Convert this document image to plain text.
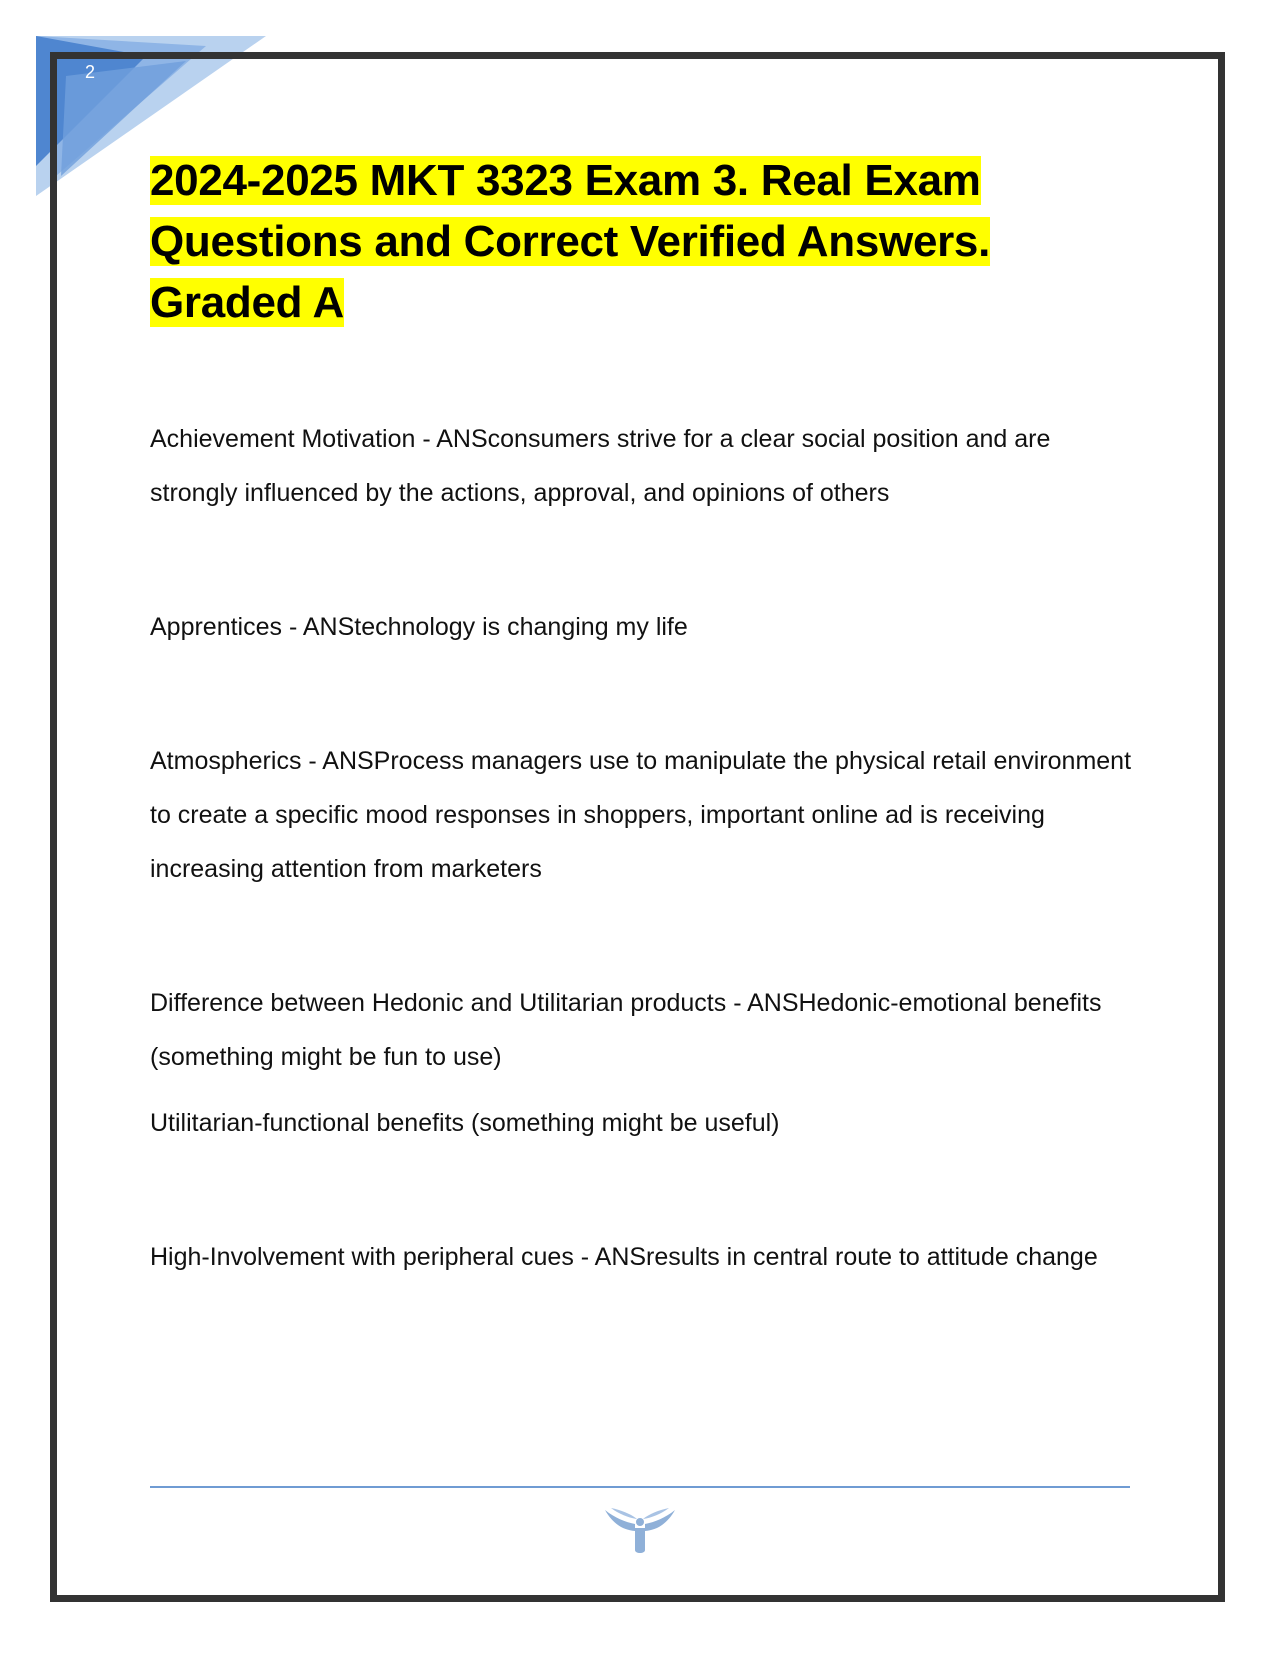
2
2024-2025 MKT 3323 Exam 3. Real Exam
Questions and Correct Verified Answers.
Graded A

Achievement Motivation - ANSconsumers strive for a clear social position and are strongly influenced by the actions, approval, and opinions of others

Apprentices - ANStechnology is changing my life

Atmospherics - ANSProcess managers use to manipulate the physical retail environment to create a specific mood responses in shoppers, important online ad is receiving increasing attention from marketers

Difference between Hedonic and Utilitarian products - ANSHedonic-emotional benefits (something might be fun to use)

Utilitarian-functional benefits (something might be useful)

High-Involvement with peripheral cues - ANSresults in central route to attitude change
